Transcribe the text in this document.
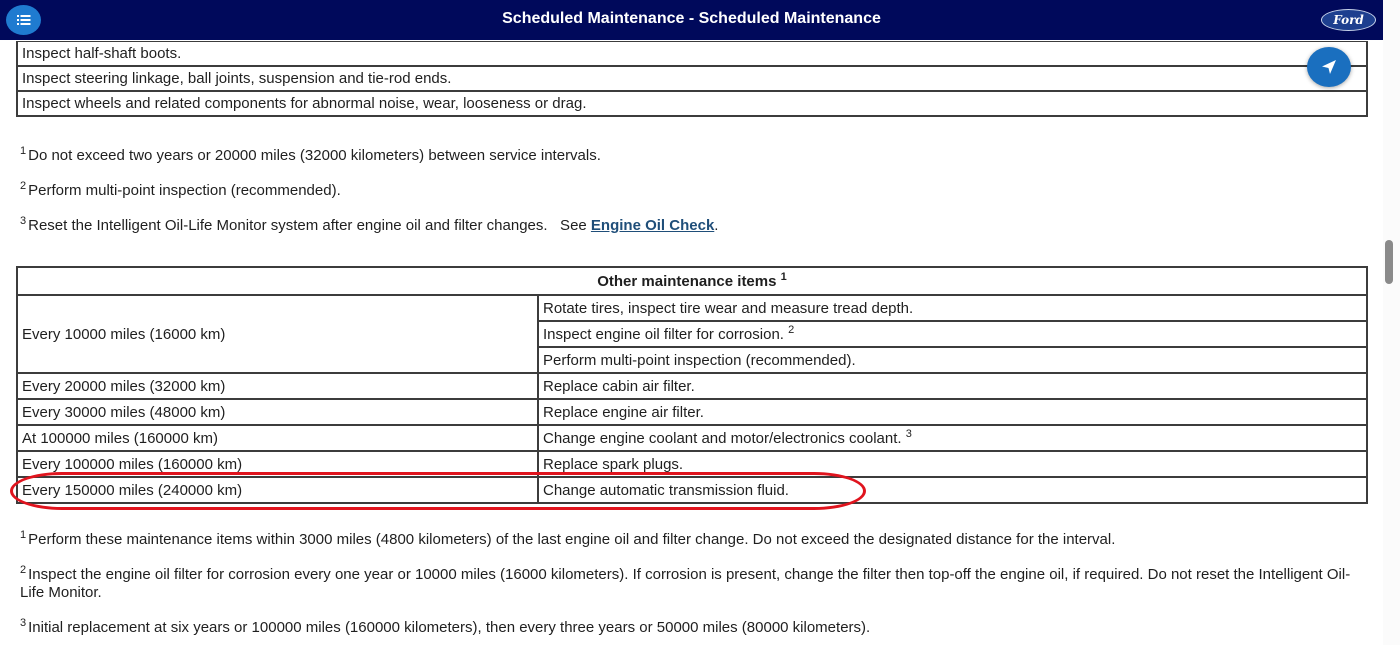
Scheduled Maintenance - Scheduled Maintenance	Ford
Inspect half-shaft boots.
Inspect steering linkage, ball joints, suspension and tie-rod ends.
Inspect wheels and related components for abnormal noise, wear, looseness or drag.
$^1$ Do not exceed two years or 20000 miles (32000 kilometers) between service intervals.
$^2$ Perform multi-point inspection (recommended).
$^3$ Reset the Intelligent Oil-Life Monitor system after engine oil and filter changes.   See Engine Oil Check.
Other maintenance items $^1$
Every 10000 miles (16000 km)	Rotate tires, inspect tire wear and measure tread depth.
	Inspect engine oil filter for corrosion. $^2$
	Perform multi-point inspection (recommended).
Every 20000 miles (32000 km)	Replace cabin air filter.
Every 30000 miles (48000 km)	Replace engine air filter.
At 100000 miles (160000 km)	Change engine coolant and motor/electronics coolant. $^3$
Every 100000 miles (160000 km)	Replace spark plugs.
Every 150000 miles (240000 km)	Change automatic transmission fluid.
$^1$ Perform these maintenance items within 3000 miles (4800 kilometers) of the last engine oil and filter change. Do not exceed the designated distance for the interval.
$^2$ Inspect the engine oil filter for corrosion every one year or 10000 miles (16000 kilometers). If corrosion is present, change the filter then top-off the engine oil, if required. Do not reset the Intelligent Oil-Life Monitor.
$^3$ Initial replacement at six years or 100000 miles (160000 kilometers), then every three years or 50000 miles (80000 kilometers).
